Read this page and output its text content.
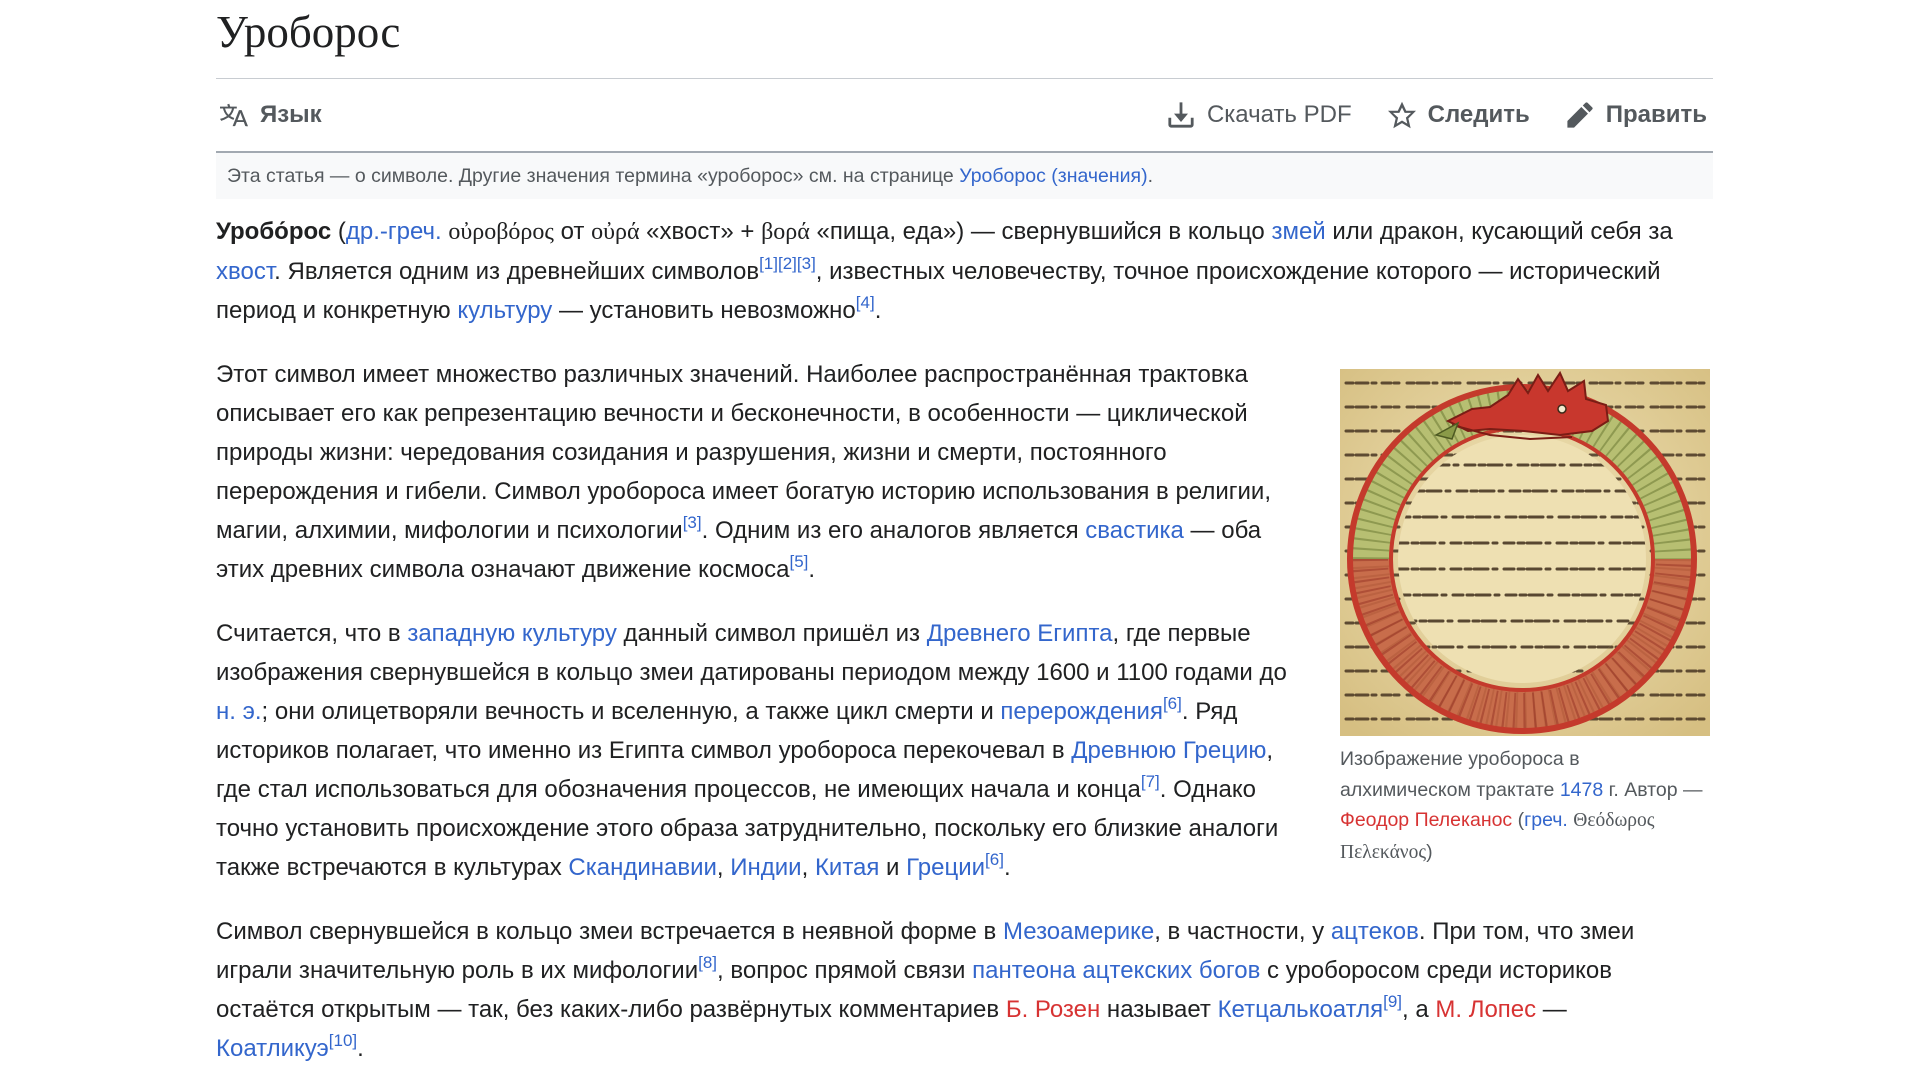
Уроборос
Язык	Скачать PDF	Следить	Править
Эта статья — о символе. Другие значения термина «уроборос» см. на странице Уроборос (значения).

Уробо́рос (др.-греч. οὐροβόρος от οὐρά «хвост» + βορά «пища, еда») — свернувшийся в кольцо змей или дракон, кусающий себя за хвост. Является одним из древнейших символов[1][2][3], известных человечеству, точное происхождение которого — исторический период и конкретную культуру — установить невозможно[4].

Этот символ имеет множество различных значений. Наиболее распространённая трактовка описывает его как репрезентацию вечности и бесконечности, в особенности — циклической природы жизни: чередования созидания и разрушения, жизни и смерти, постоянного перерождения и гибели. Символ уробороса имеет богатую историю использования в религии, магии, алхимии, мифологии и психологии[3]. Одним из его аналогов является свастика — оба этих древних символа означают движение космоса[5].

Считается, что в западную культуру данный символ пришёл из Древнего Египта, где первые изображения свернувшейся в кольцо змеи датированы периодом между 1600 и 1100 годами до н. э.; они олицетворяли вечность и вселенную, а также цикл смерти и перерождения[6]. Ряд историков полагает, что именно из Египта символ уробороса перекочевал в Древнюю Грецию, где стал использоваться для обозначения процессов, не имеющих начала и конца[7]. Однако точно установить происхождение этого образа затруднительно, поскольку его близкие аналоги также встречаются в культурах Скандинавии, Индии, Китая и Греции[6].

Символ свернувшейся в кольцо змеи встречается в неявной форме в Мезоамерике, в частности, у ацтеков. При том, что змеи играли значительную роль в их мифологии[8], вопрос прямой связи пантеона ацтекских богов с уроборосом среди историков остаётся открытым — так, без каких-либо развёрнутых комментариев Б. Розен называет Кетцалькоатля[9], а М. Лопес — Коатликуэ[10].

Изображение уробороса в алхимическом трактате 1478 г. Автор — Феодор Пелеканос (греч. Θεόδωρος Πελεκάνος)
